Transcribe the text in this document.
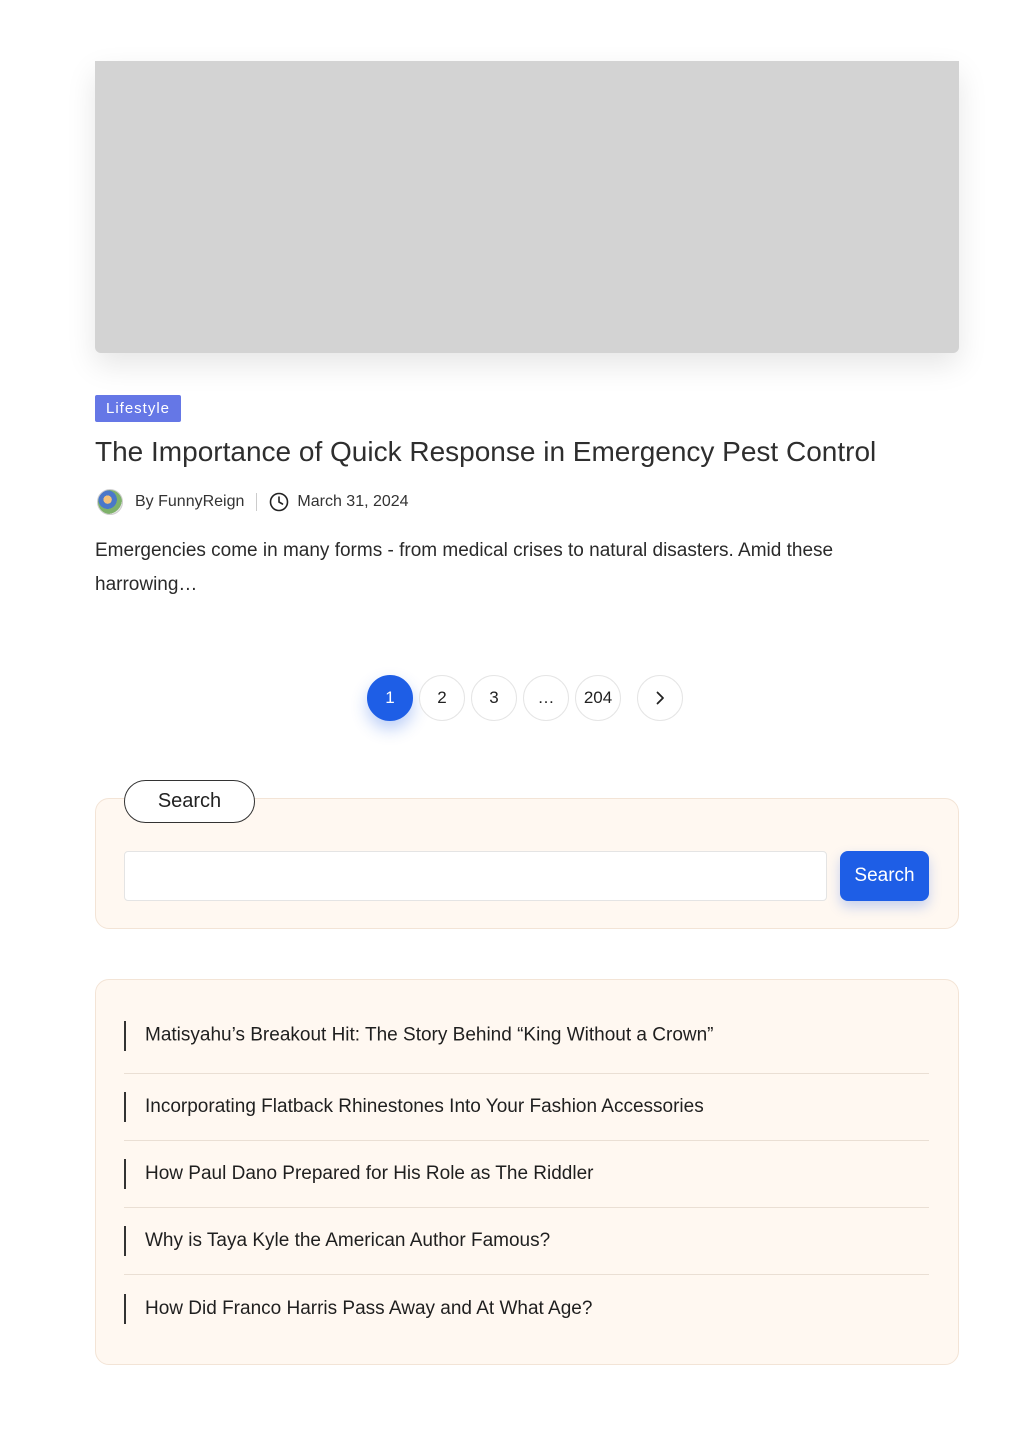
Lifestyle
The Importance of Quick Response in Emergency Pest Control
By FunnyReign	March 31, 2024

Emergencies come in many forms - from medical crises to natural disasters. Amid these harrowing…

1	2	3	…	204
Search
Search
Matisyahu’s Breakout Hit: The Story Behind “King Without a Crown”
Incorporating Flatback Rhinestones Into Your Fashion Accessories
How Paul Dano Prepared for His Role as The Riddler
Why is Taya Kyle the American Author Famous?
How Did Franco Harris Pass Away and At What Age?
